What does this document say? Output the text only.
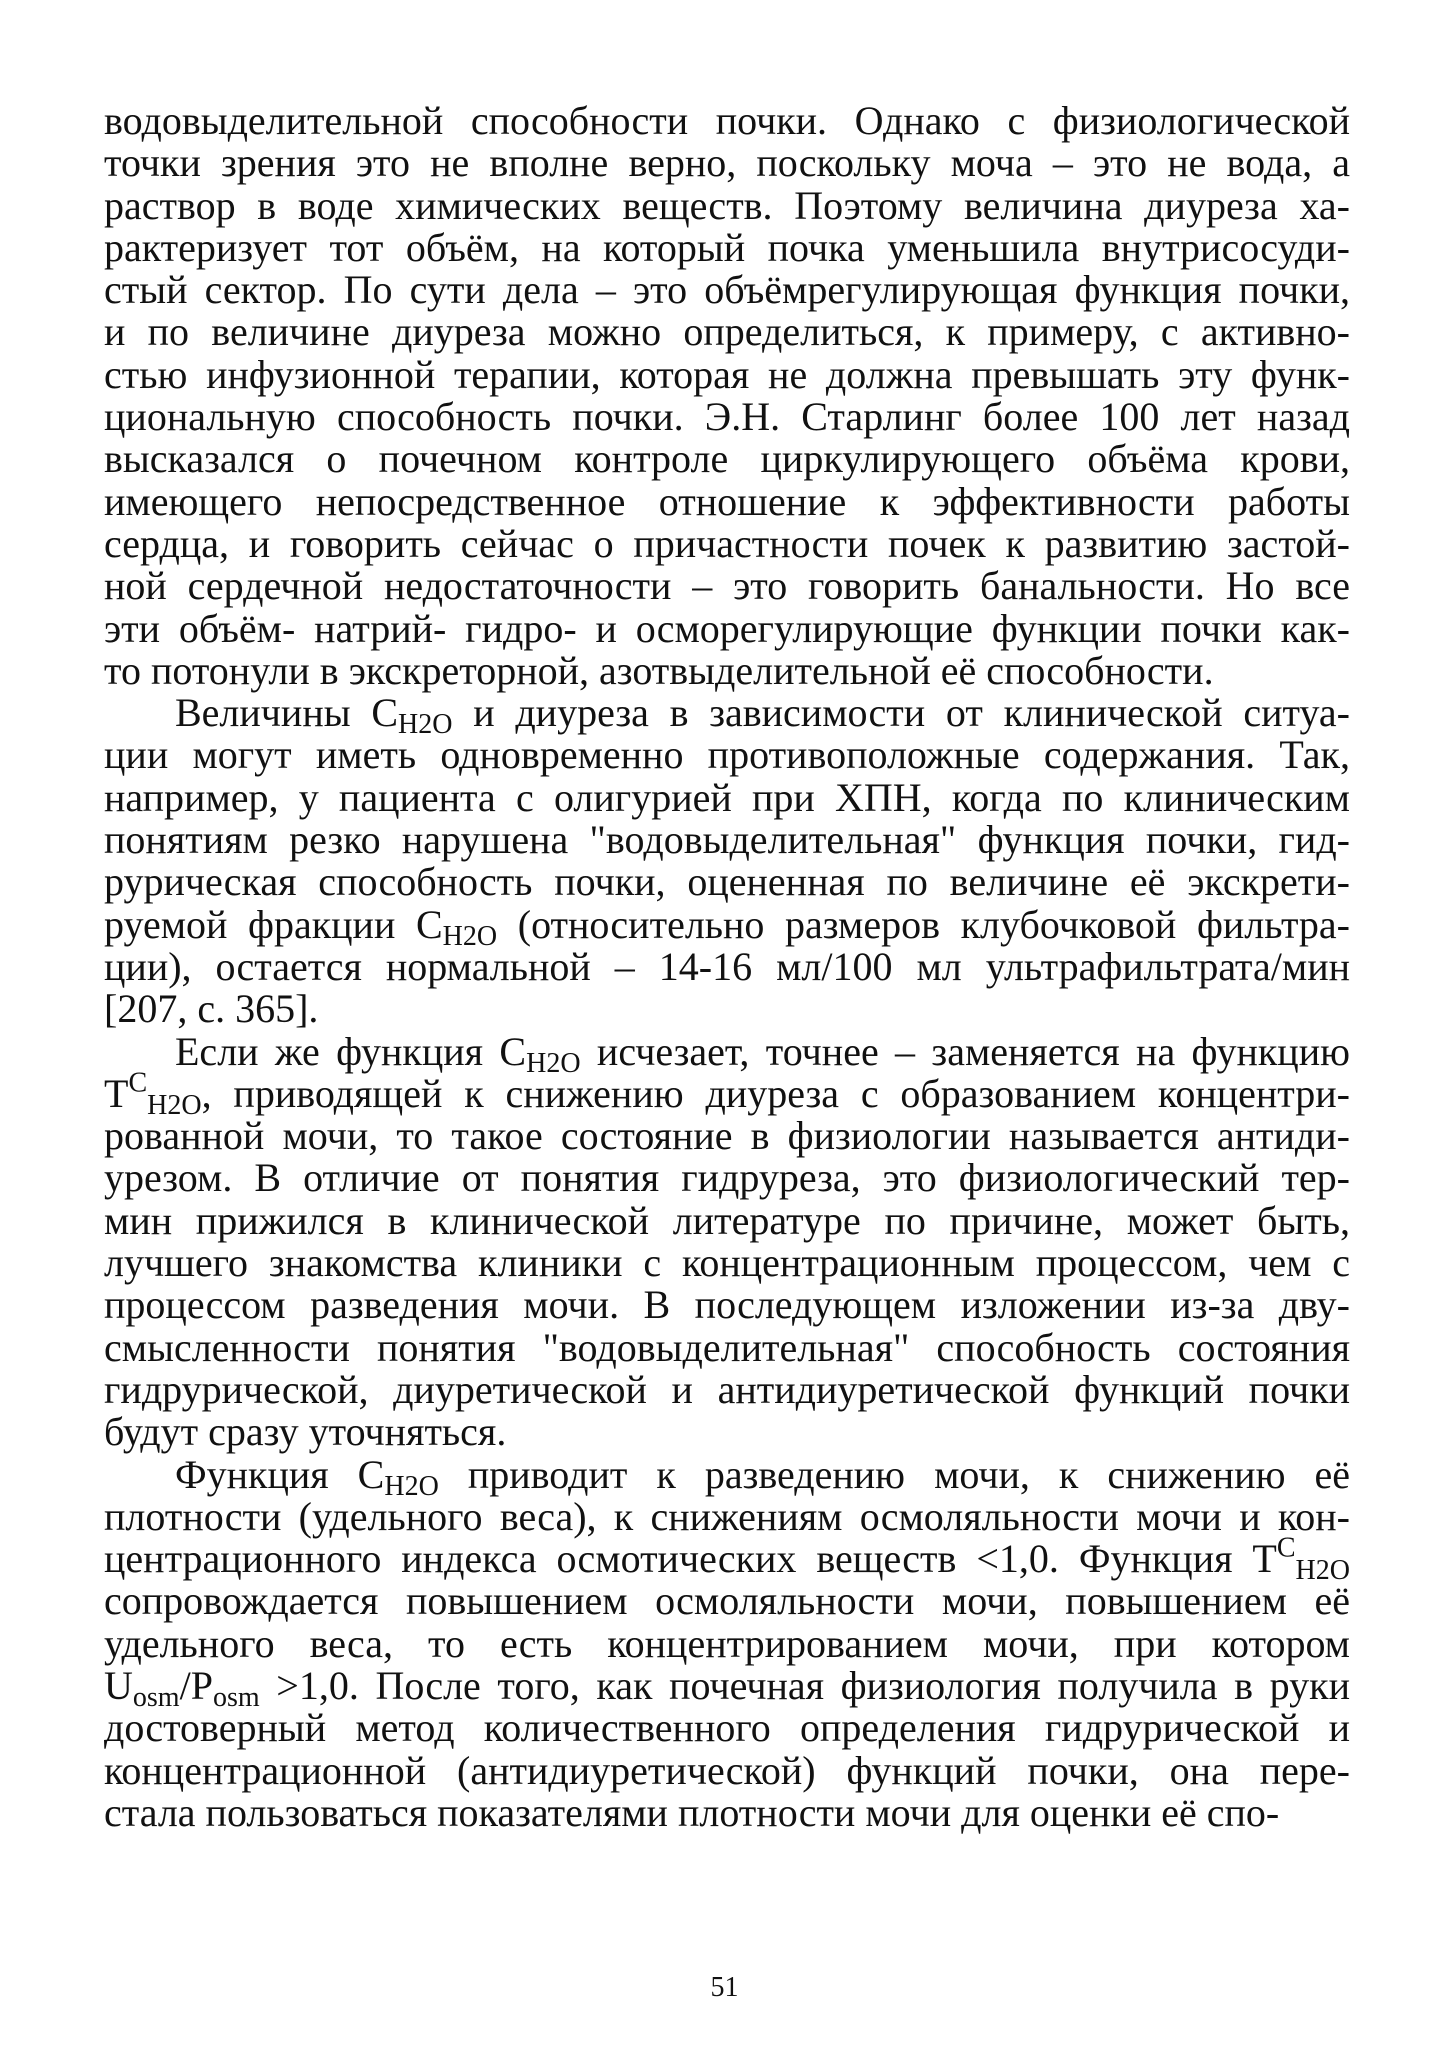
водовыделительной способности почки. Однако с физиологической
точки зрения это не вполне верно, поскольку моча – это не вода, а
раствор в воде химических веществ. Поэтому величина диуреза ха-
рактеризует тот объём, на который почка уменьшила внутрисосуди-
стый сектор. По сути дела – это объёмрегулирующая функция почки,
и по величине диуреза можно определиться, к примеру, с активно-
стью инфузионной терапии, которая не должна превышать эту функ-
циональную способность почки. Э.Н. Старлинг более 100 лет назад
высказался о почечном контроле циркулирующего объёма крови,
имеющего непосредственное отношение к эффективности работы
сердца, и говорить сейчас о причастности почек к развитию застой-
ной сердечной недостаточности – это говорить банальности. Но все
эти объём- натрий- гидро- и осморегулирующие функции почки как-
то потонули в экскреторной, азотвыделительной её способности.
Величины $C_{H2O}$ и диуреза в зависимости от клинической ситуа-
ции могут иметь одновременно противоположные содержания. Так,
например, у пациента с олигурией при ХПН, когда по клиническим
понятиям резко нарушена "водовыделительная" функция почки, гид-
рурическая способность почки, оцененная по величине её экскрети-
руемой фракции $C_{H2O}$ (относительно размеров клубочковой фильтра-
ции), остается нормальной – 14-16 мл/100 мл ультрафильтрата/мин
[207, с. 365].
Если же функция $C_{H2O}$ исчезает, точнее – заменяется на функцию
$T^C_{H2O}$, приводящей к снижению диуреза с образованием концентри-
рованной мочи, то такое состояние в физиологии называется антиди-
урезом. В отличие от понятия гидруреза, это физиологический тер-
мин прижился в клинической литературе по причине, может быть,
лучшего знакомства клиники с концентрационным процессом, чем с
процессом разведения мочи. В последующем изложении из-за дву-
смысленности понятия "водовыделительная" способность состояния
гидрурической, диуретической и антидиуретической функций почки
будут сразу уточняться.
Функция $C_{H2O}$ приводит к разведению мочи, к снижению её
плотности (удельного веса), к снижениям осмоляльности мочи и кон-
центрационного индекса осмотических веществ <1,0. Функция $T^C_{H2O}$
сопровождается повышением осмоляльности мочи, повышением её
удельного веса, то есть концентрированием мочи, при котором
$U_{osm}/P_{osm} >1,0$. После того, как почечная физиология получила в руки
достоверный метод количественного определения гидрурической и
концентрационной (антидиуретической) функций почки, она пере-
стала пользоваться показателями плотности мочи для оценки её спо-
51
